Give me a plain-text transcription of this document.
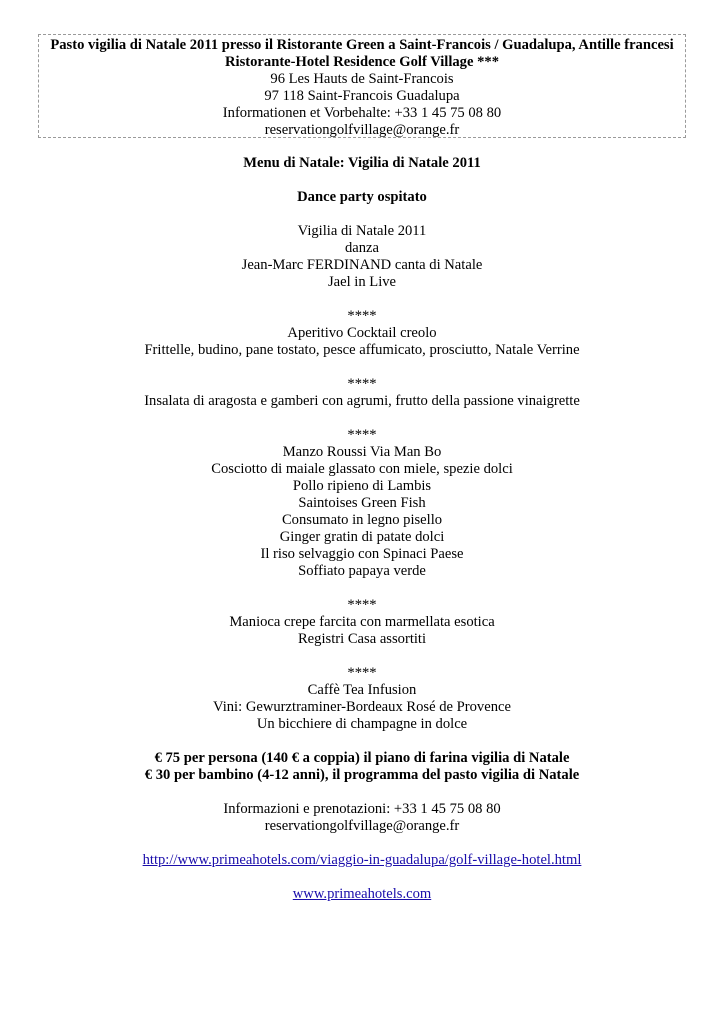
Pasto vigilia di Natale 2011 presso il Ristorante Green a Saint-Francois / Guadalupa, Antille francesi
Ristorante-Hotel Residence Golf Village ***
96 Les Hauts de Saint-Francois
97 118 Saint-Francois Guadalupa
Informationen et Vorbehalte: +33 1 45 75 08 80
reservationgolfvillage@orange.fr
Menu di Natale: Vigilia di Natale 2011
Dance party ospitato
Vigilia di Natale 2011
danza
Jean-Marc FERDINAND canta di Natale
Jael in Live
****
Aperitivo Cocktail creolo
Frittelle, budino, pane tostato, pesce affumicato, prosciutto, Natale Verrine
****
Insalata di aragosta e gamberi con agrumi, frutto della passione vinaigrette
****
Manzo Roussi Via Man Bo
Cosciotto di maiale glassato con miele, spezie dolci
Pollo ripieno di Lambis
Saintoises Green Fish
Consumato in legno pisello
Ginger gratin di patate dolci
Il riso selvaggio con Spinaci Paese
Soffiato papaya verde
****
Manioca crepe farcita con marmellata esotica
Registri Casa assortiti
****
Caffè Tea Infusion
Vini: Gewurztraminer-Bordeaux Rosé de Provence
Un bicchiere di champagne in dolce
€ 75 per persona (140 € a coppia) il piano di farina vigilia di Natale
€ 30 per bambino (4-12 anni), il programma del pasto vigilia di Natale
Informazioni e prenotazioni: +33 1 45 75 08 80
reservationgolfvillage@orange.fr
http://www.primeahotels.com/viaggio-in-guadalupa/golf-village-hotel.html
www.primeahotels.com
